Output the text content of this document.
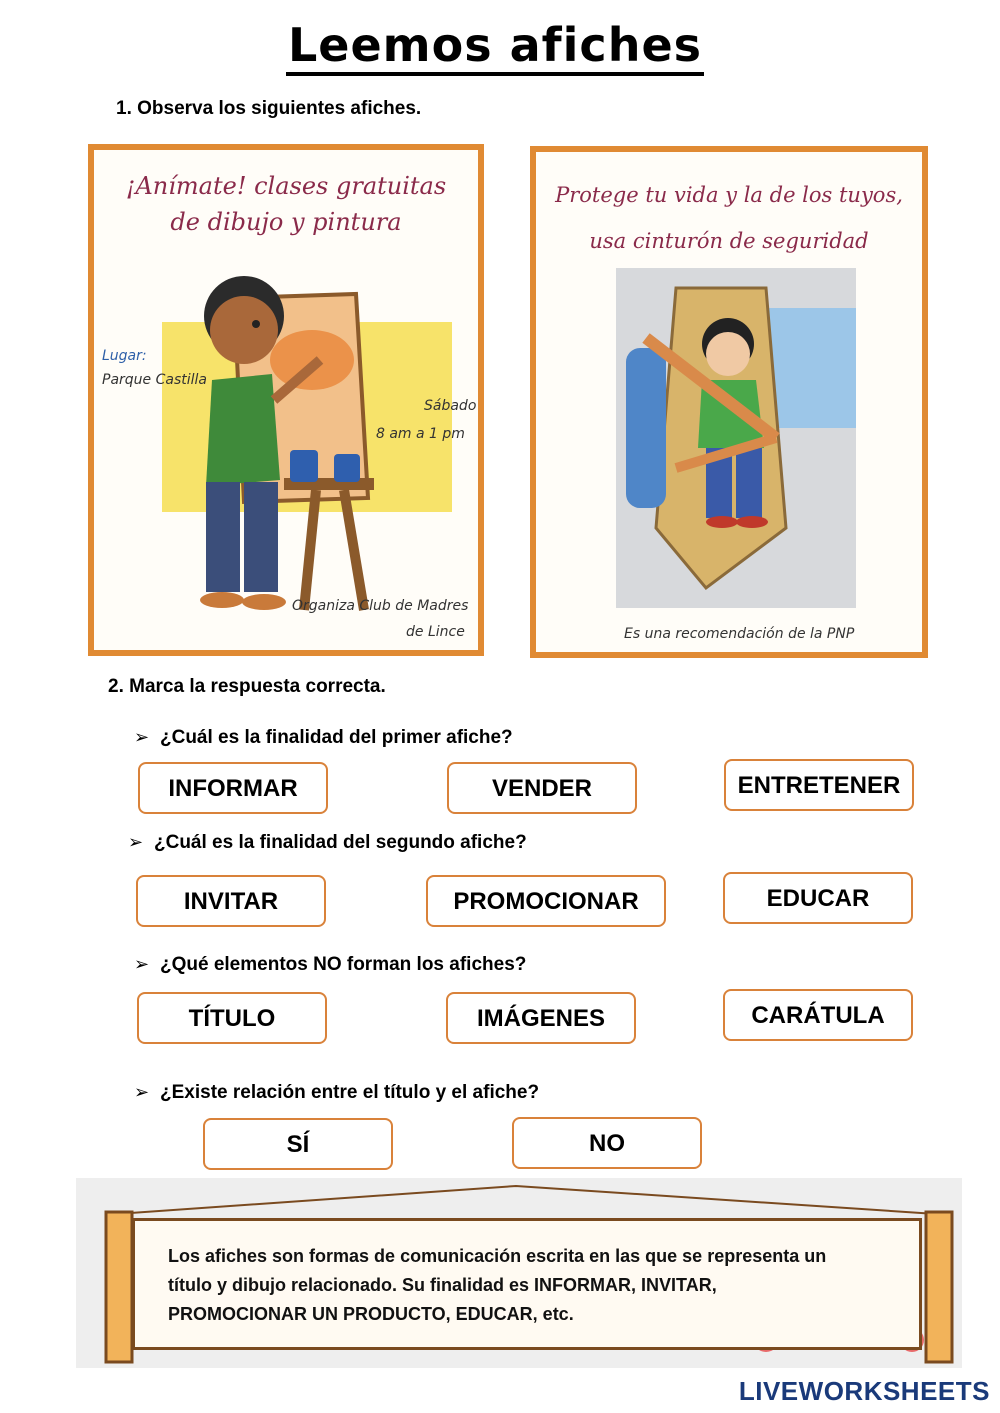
Leemos afiches
1. Observa los siguientes afiches.
¡Anímate! clases gratuitas
de dibujo y pintura
Lugar:
Parque Castilla
Sábado
8 am a 1 pm
Organiza Club de Madres
de Lince
Protege tu vida y la de los tuyos,
usa cinturón de seguridad
Es una recomendación de la PNP
2. Marca la respuesta correcta.
➢ ¿Cuál es la finalidad del primer afiche?
INFORMAR	VENDER	ENTRETENER
➢ ¿Cuál es la finalidad del segundo afiche?
INVITAR	PROMOCIONAR	EDUCAR
➢ ¿Qué elementos NO forman los afiches?
TÍTULO	IMÁGENES	CARÁTULA
➢ ¿Existe relación entre el título y el afiche?
SÍ	NO
Los afiches son formas de comunicación escrita en las que se representa un
título y dibujo relacionado. Su finalidad es INFORMAR, INVITAR,
PROMOCIONAR UN PRODUCTO, EDUCAR, etc.
LIVEWORKSHEETS
